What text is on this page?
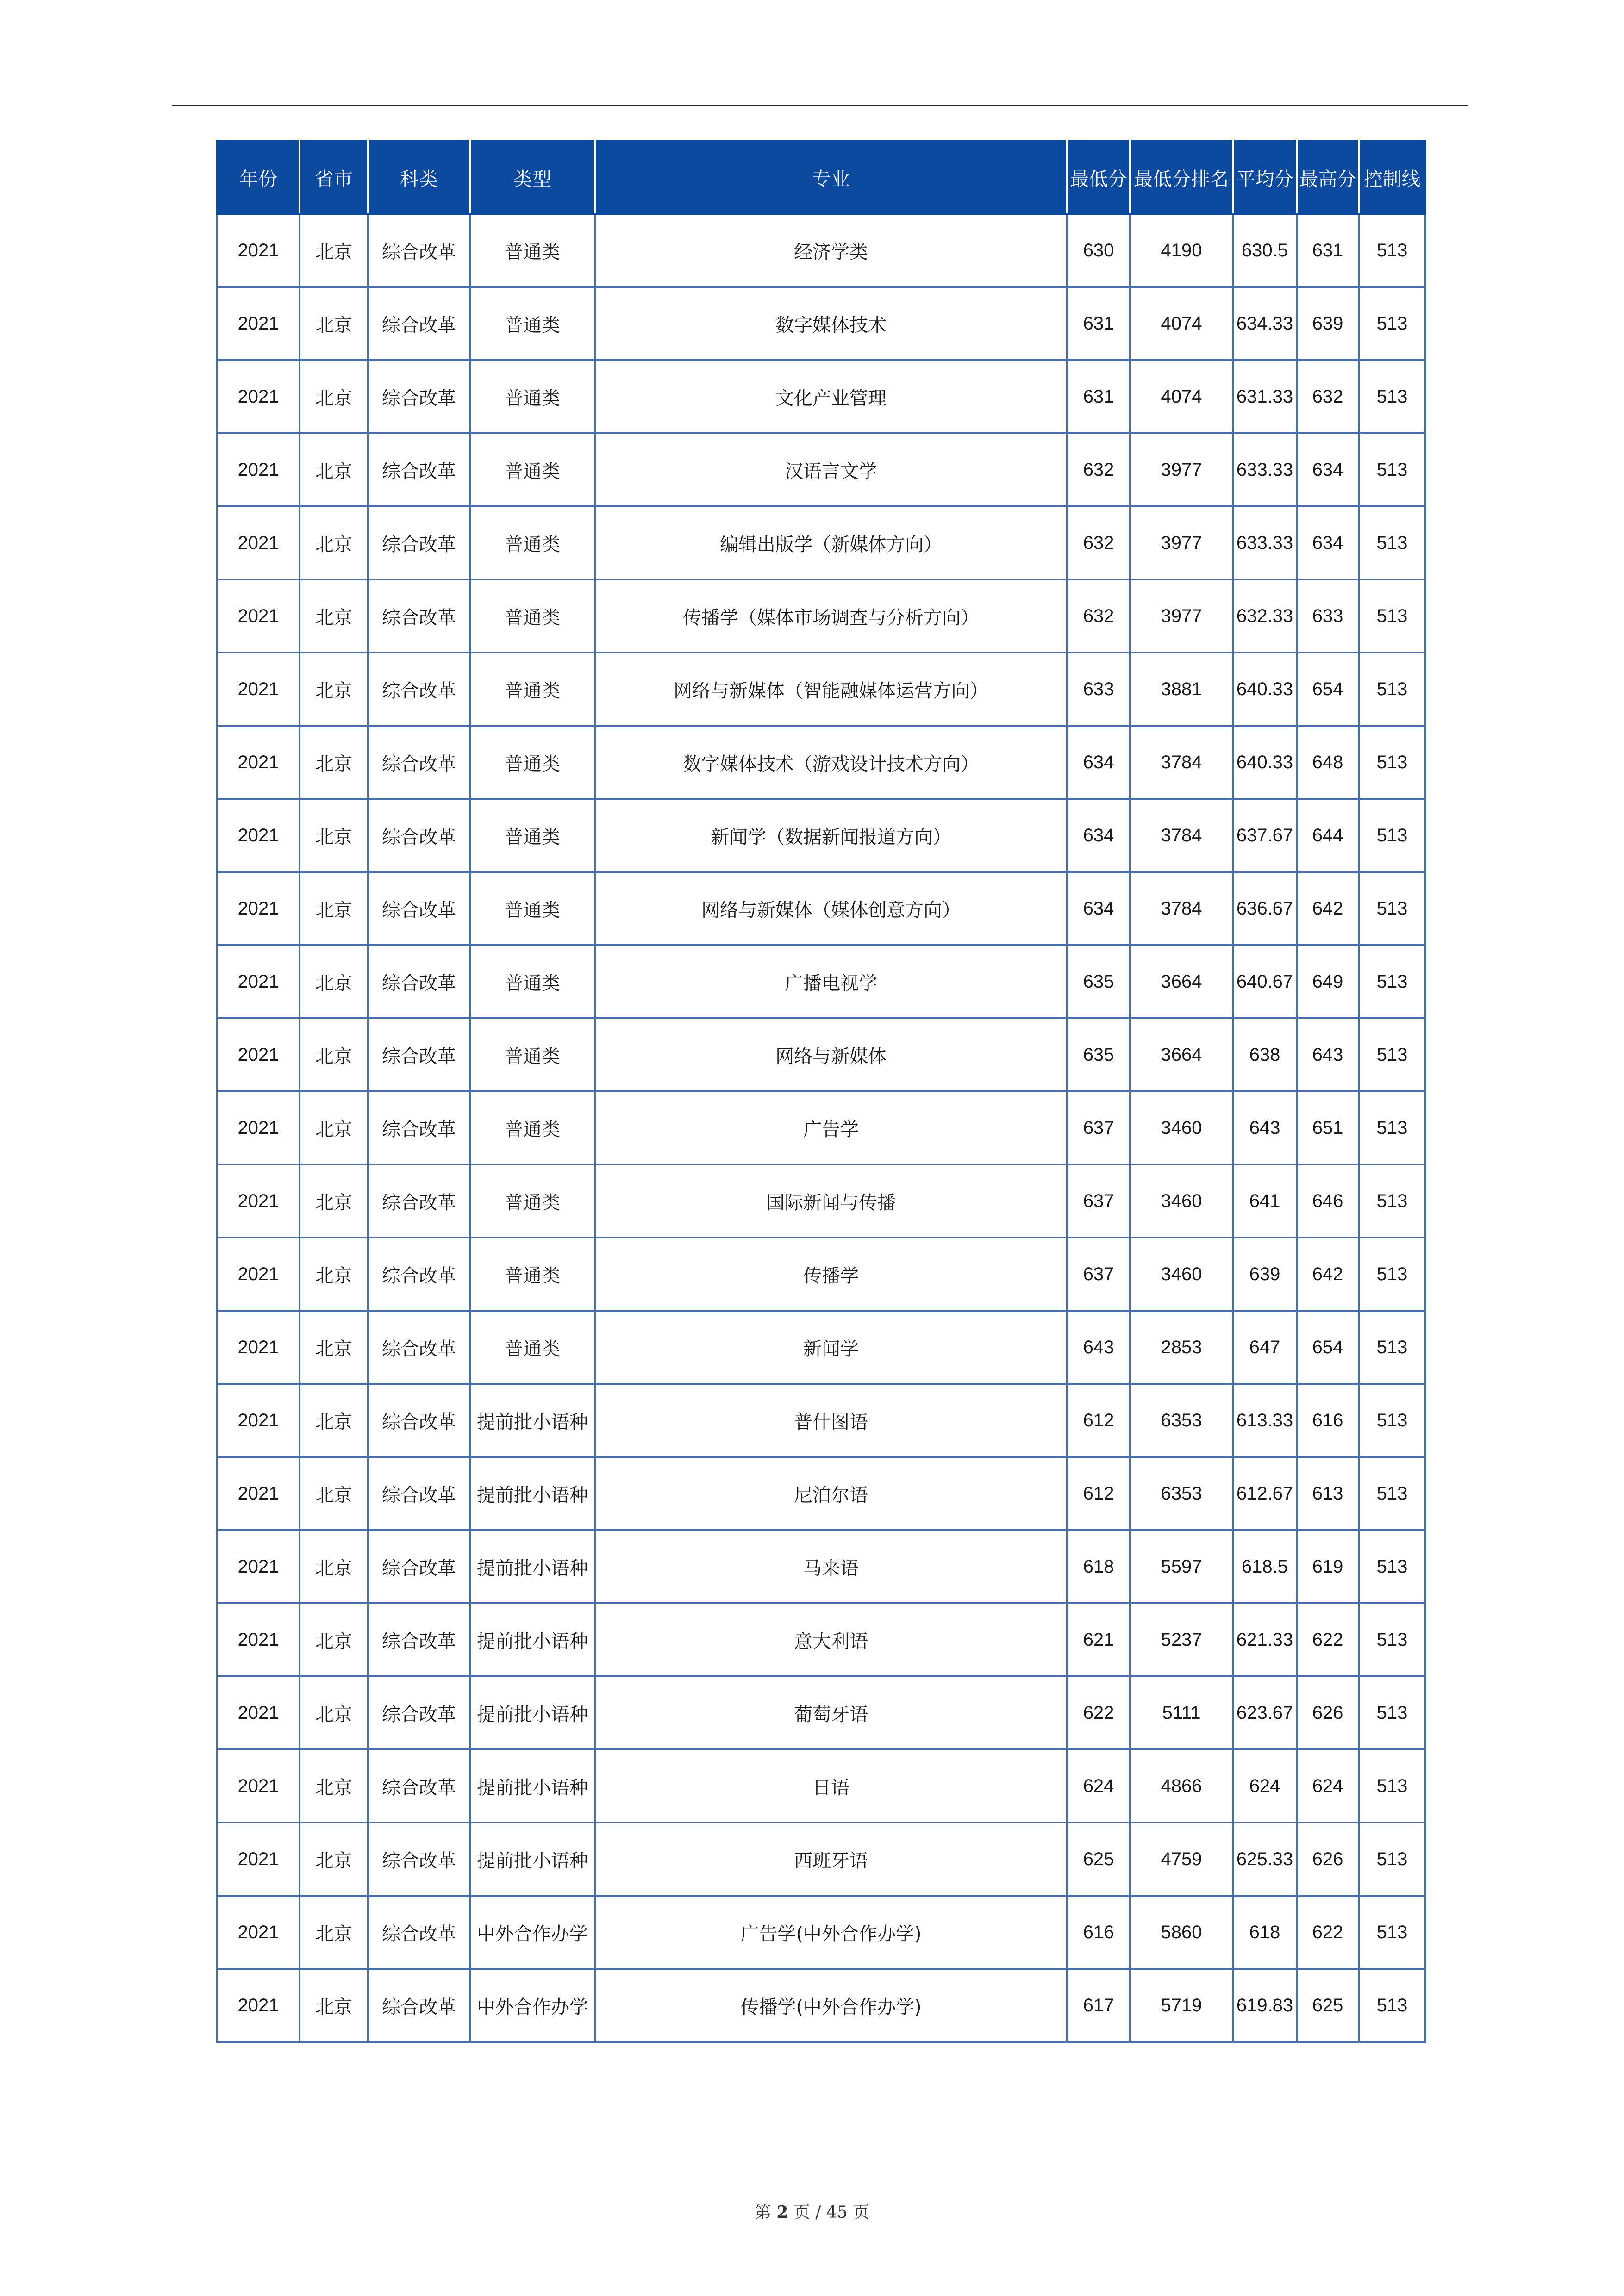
年份	省市	科类	类型	专业	最低分	最低分排名	平均分	最高分	控制线
2021	北京	综合改革	普通类	经济学类	630	4190	630.5	631	513
2021	北京	综合改革	普通类	数字媒体技术	631	4074	634.33	639	513
2021	北京	综合改革	普通类	文化产业管理	631	4074	631.33	632	513
2021	北京	综合改革	普通类	汉语言文学	632	3977	633.33	634	513
2021	北京	综合改革	普通类	编辑出版学（新媒体方向）	632	3977	633.33	634	513
2021	北京	综合改革	普通类	传播学（媒体市场调查与分析方向）	632	3977	632.33	633	513
2021	北京	综合改革	普通类	网络与新媒体（智能融媒体运营方向）	633	3881	640.33	654	513
2021	北京	综合改革	普通类	数字媒体技术（游戏设计技术方向）	634	3784	640.33	648	513
2021	北京	综合改革	普通类	新闻学（数据新闻报道方向）	634	3784	637.67	644	513
2021	北京	综合改革	普通类	网络与新媒体（媒体创意方向）	634	3784	636.67	642	513
2021	北京	综合改革	普通类	广播电视学	635	3664	640.67	649	513
2021	北京	综合改革	普通类	网络与新媒体	635	3664	638	643	513
2021	北京	综合改革	普通类	广告学	637	3460	643	651	513
2021	北京	综合改革	普通类	国际新闻与传播	637	3460	641	646	513
2021	北京	综合改革	普通类	传播学	637	3460	639	642	513
2021	北京	综合改革	普通类	新闻学	643	2853	647	654	513
2021	北京	综合改革	提前批小语种	普什图语	612	6353	613.33	616	513
2021	北京	综合改革	提前批小语种	尼泊尔语	612	6353	612.67	613	513
2021	北京	综合改革	提前批小语种	马来语	618	5597	618.5	619	513
2021	北京	综合改革	提前批小语种	意大利语	621	5237	621.33	622	513
2021	北京	综合改革	提前批小语种	葡萄牙语	622	5111	623.67	626	513
2021	北京	综合改革	提前批小语种	日语	624	4866	624	624	513
2021	北京	综合改革	提前批小语种	西班牙语	625	4759	625.33	626	513
2021	北京	综合改革	中外合作办学	广告学(中外合作办学)	616	5860	618	622	513
2021	北京	综合改革	中外合作办学	传播学(中外合作办学)	617	5719	619.83	625	513
第 2 页 / 45 页
